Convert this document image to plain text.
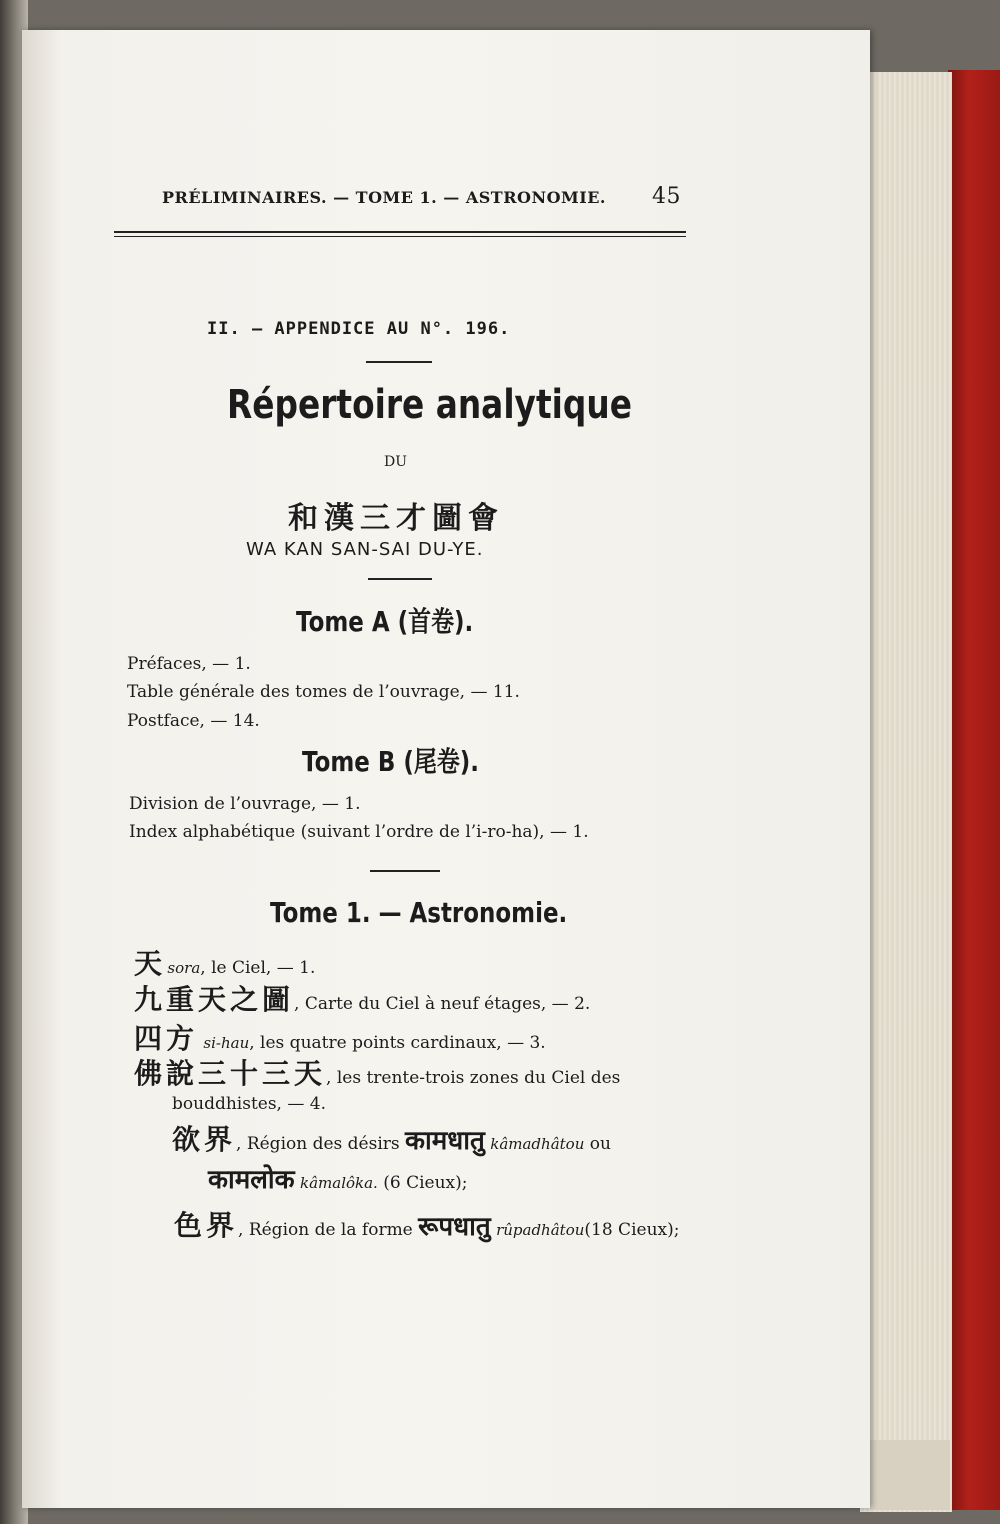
PRÉLIMINAIRES. — TOME 1. — ASTRONOMIE. 45
II. — APPENDICE AU N°. 196.
Répertoire analytique
DU
和漢三才圖會
WA KAN SAN-SAI DU-YE.
Tome A (首卷).
Préfaces, — 1.
Table générale des tomes de l’ouvrage, — 11.
Postface, — 14.
Tome B (尾卷).
Division de l’ouvrage, — 1.
Index alphabétique (suivant l’ordre de l’i-ro-ha), — 1.
Tome 1. — Astronomie.
天 sora, le Ciel, — 1.
九重天之圖, Carte du Ciel à neuf étages, — 2.
四方 si-hau, les quatre points cardinaux, — 3.
佛說三十三天, les trente-trois zones du Ciel des
bouddhistes, — 4.
欲界, Région des désirs कामधातु kâmadhâtou ou
कामलोक kâmalôka. (6 Cieux);
色界, Région de la forme रूपधातु rûpadhâtou(18 Cieux);
